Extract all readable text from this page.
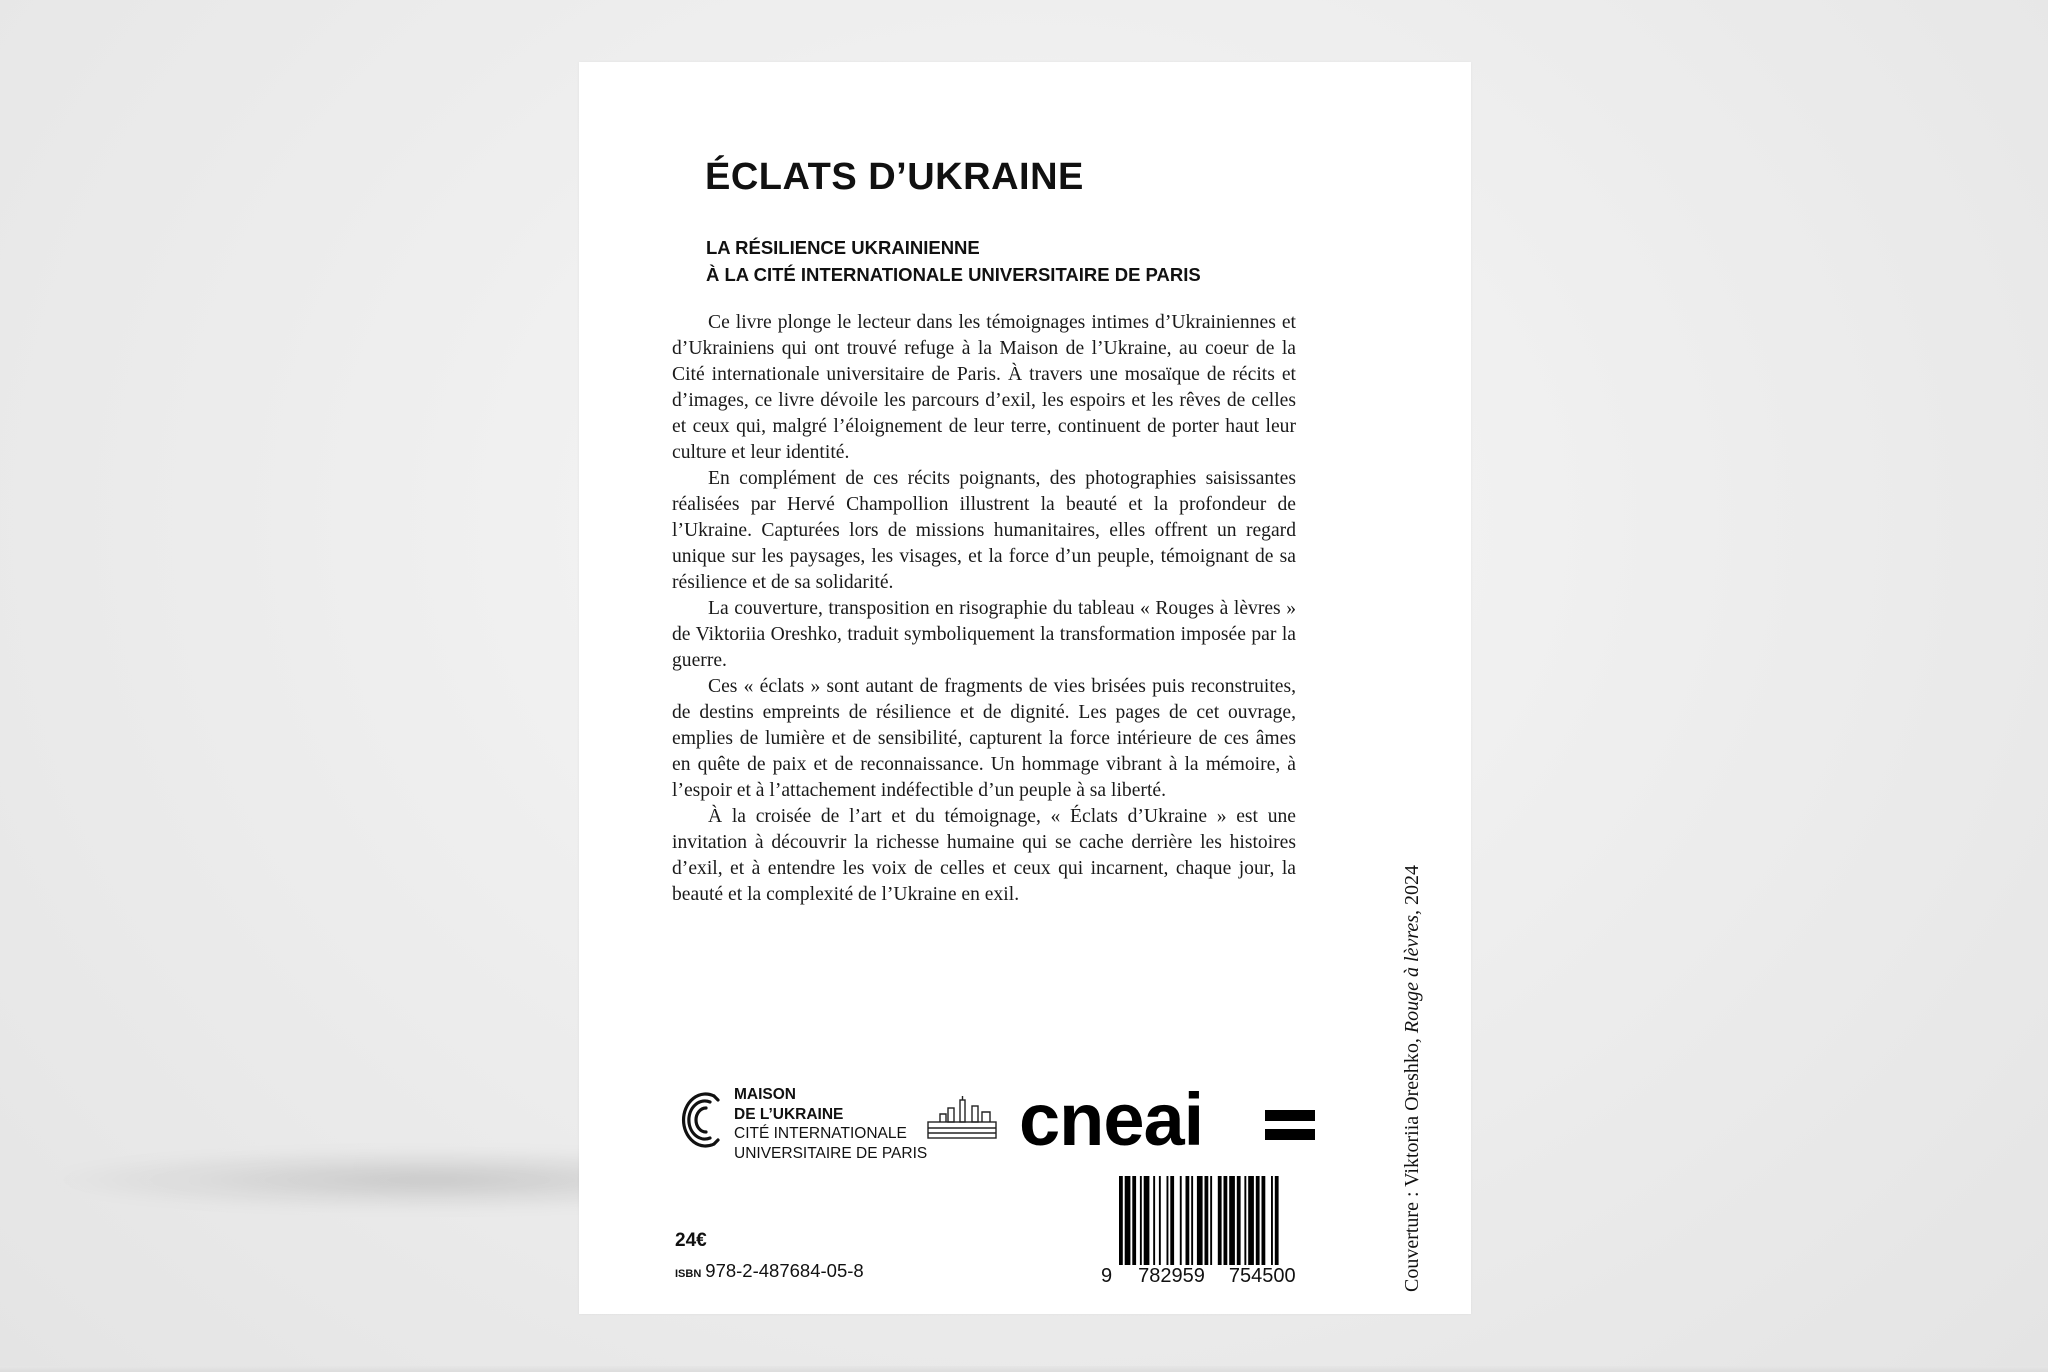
ÉCLATS D’UKRAINE
LA RÉSILIENCE UKRAINIENNE
À LA CITÉ INTERNATIONALE UNIVERSITAIRE DE PARIS

Ce livre plonge le lecteur dans les témoignages intimes d’Ukrainiennes et d’Ukrainiens qui ont trouvé refuge à la Maison de l’Ukraine, au coeur de la Cité internationale universitaire de Paris. À travers une mosaïque de récits et d’images, ce livre dévoile les parcours d’exil, les espoirs et les rêves de celles et ceux qui, malgré l’éloignement de leur terre, continuent de porter haut leur culture et leur identité.

En complément de ces récits poignants, des photographies saisissantes réalisées par Hervé Champollion illustrent la beauté et la profondeur de l’Ukraine. Capturées lors de missions humanitaires, elles offrent un regard unique sur les paysages, les visages, et la force d’un peuple, témoignant de sa résilience et de sa solidarité.

La couverture, transposition en risographie du tableau « Rouges à lèvres » de Viktoriia Oreshko, traduit symboliquement la transformation imposée par la guerre.

Ces « éclats » sont autant de fragments de vies brisées puis reconstruites, de destins empreints de résilience et de dignité. Les pages de cet ouvrage, emplies de lumière et de sensibilité, capturent la force intérieure de ces âmes en quête de paix et de reconnaissance. Un hommage vibrant à la mémoire, à l’espoir et à l’attachement indéfectible d’un peuple à sa liberté.

À la croisée de l’art et du témoignage, « Éclats d’Ukraine » est une invitation à découvrir la richesse humaine qui se cache derrière les histoires d’exil, et à entendre les voix de celles et ceux qui incarnent, chaque jour, la beauté et la complexité de l’Ukraine en exil.

MAISON
DE L’UKRAINE
CITÉ INTERNATIONALE
UNIVERSITAIRE DE PARIS cneai
9 782959 754500
24€
ISBN 978-2-487684-05-8	Couverture : Viktoriia Oreshko, Rouge à lèvres, 2024
